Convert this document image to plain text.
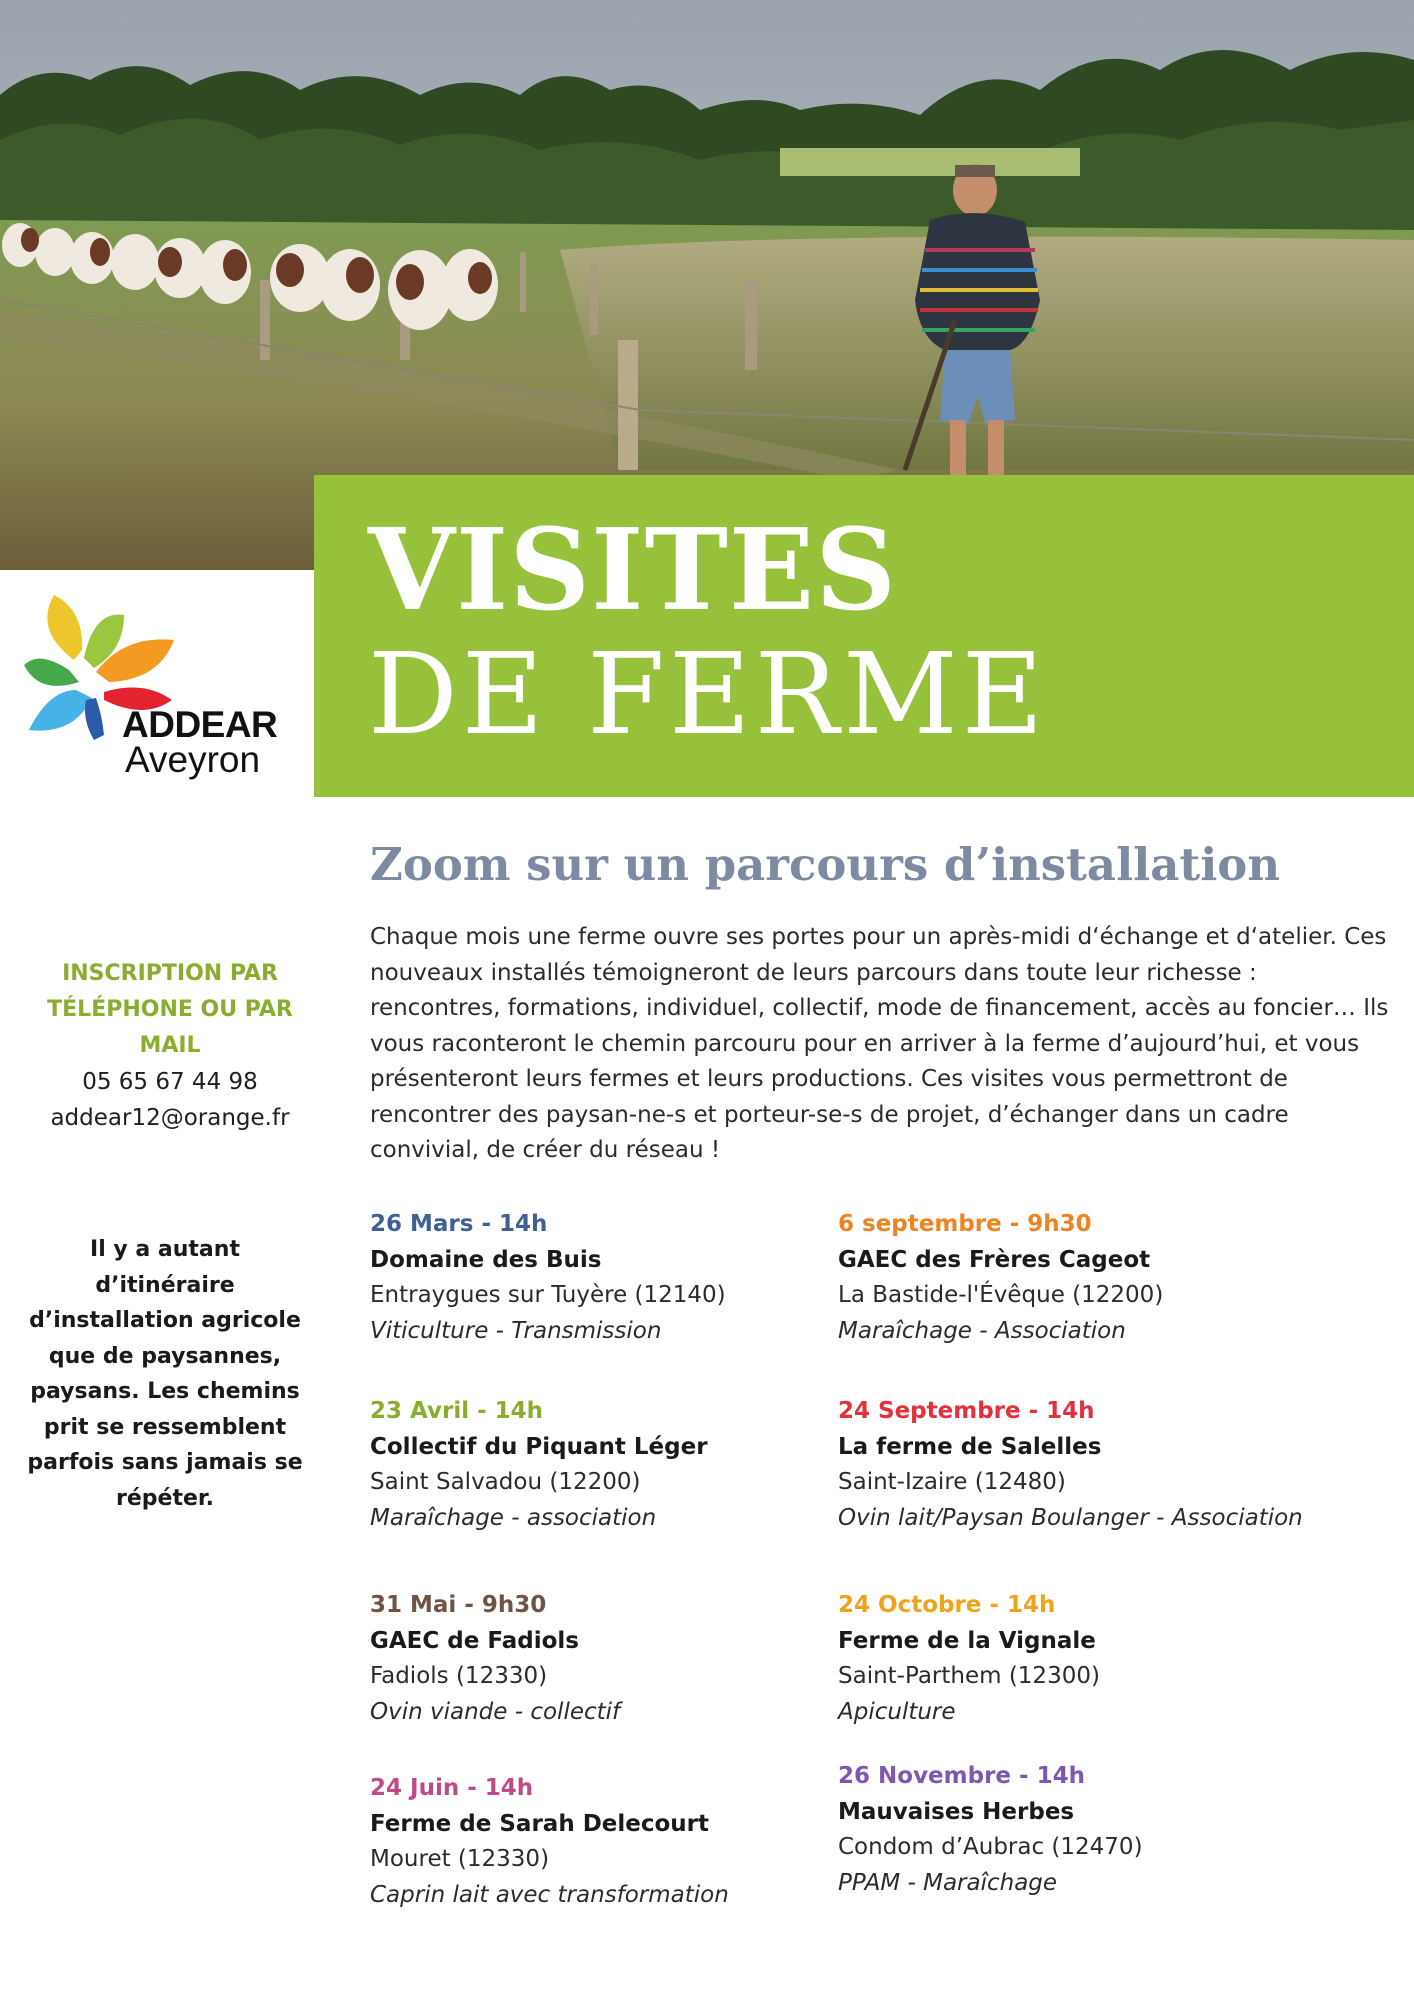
VISITES
DE FERME
ADDEAR
Aveyron
INSCRIPTION PAR TÉLÉPHONE OU PAR MAIL
05 65 67 44 98
addear12@orange.fr
Il y a autant d’itinéraire d’installation agricole que de paysannes, paysans. Les chemins prit se ressemblent parfois sans jamais se répéter.
Zoom sur un parcours d’installation
Chaque mois une ferme ouvre ses portes pour un après-midi d‘échange et d‘atelier. Ces nouveaux installés témoigneront de leurs parcours dans toute leur richesse : rencontres, formations, individuel, collectif, mode de financement, accès au foncier… Ils vous raconteront le chemin parcouru pour en arriver à la ferme d’aujourd’hui, et vous présenteront leurs fermes et leurs productions. Ces visites vous permettront de rencontrer des paysan-ne-s et porteur-se-s de projet, d’échanger dans un cadre convivial, de créer du réseau !
26 Mars - 14h
Domaine des Buis
Entraygues sur Tuyère (12140)
Viticulture - Transmission
23 Avril - 14h
Collectif du Piquant Léger
Saint Salvadou (12200)
Maraîchage - association
31 Mai - 9h30
GAEC de Fadiols
Fadiols (12330)
Ovin viande - collectif
24 Juin - 14h
Ferme de Sarah Delecourt
Mouret (12330)
Caprin lait avec transformation
6 septembre - 9h30
GAEC des Frères Cageot
La Bastide-l'Évêque (12200)
Maraîchage - Association
24 Septembre - 14h
La ferme de Salelles
Saint-Izaire (12480)
Ovin lait/Paysan Boulanger - Association
24 Octobre - 14h
Ferme de la Vignale
Saint-Parthem (12300)
Apiculture
26 Novembre - 14h
Mauvaises Herbes
Condom d’Aubrac (12470)
PPAM - Maraîchage
